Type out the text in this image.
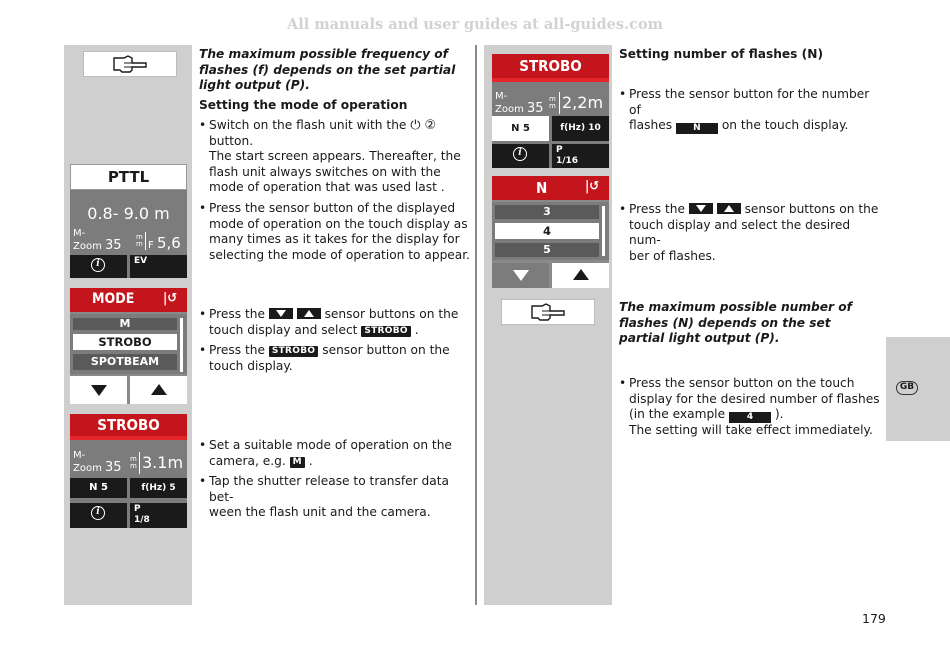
All manuals and user guides at all-guides.com
GB
PTTL
0.8- 9.0 m
M-
Zoom 35
m
m F 5,6
i	EV
MODE |↺
M
STROBO
SPOTBEAM
STROBO
M-
Zoom 35
m
m 3.1m
N 5	f(Hz) 5
i	P
1/8
STROBO
M-
Zoom 35
m
m 2,2m
N 5	f(Hz) 10
i	P
1/16
N	|↺
3
4
5
The maximum possible frequency of flashes (f) depends on the set partial light output (P).
Setting the mode of operation
• Switch on the flash unit with the ⏻ ②
button.
The start screen appears. Thereafter, the
flash unit always switches on with the
mode of operation that was used last .
• Press the sensor button of the displayed
mode of operation on the touch display as
many times as it takes for the display for
selecting the mode of operation to appear.
• Press the	sensor buttons on the
touch display and select STROBO .
• Press the STROBO sensor button on the
touch display.
• Set a suitable mode of operation on the
camera, e.g. M .
• Tap the shutter release to transfer data bet-
ween the flash unit and the camera.
Setting number of flashes (N)
• Press the sensor button for the number of
flashes N on the touch display.
• Press the	sensor buttons on the
touch display and select the desired num-
ber of flashes.
The maximum possible number of flashes (N) depends on the set partial light output (P).
• Press the sensor button on the touch
display for the desired number of flashes
(in the example 4 ).
The setting will take effect immediately.
179
